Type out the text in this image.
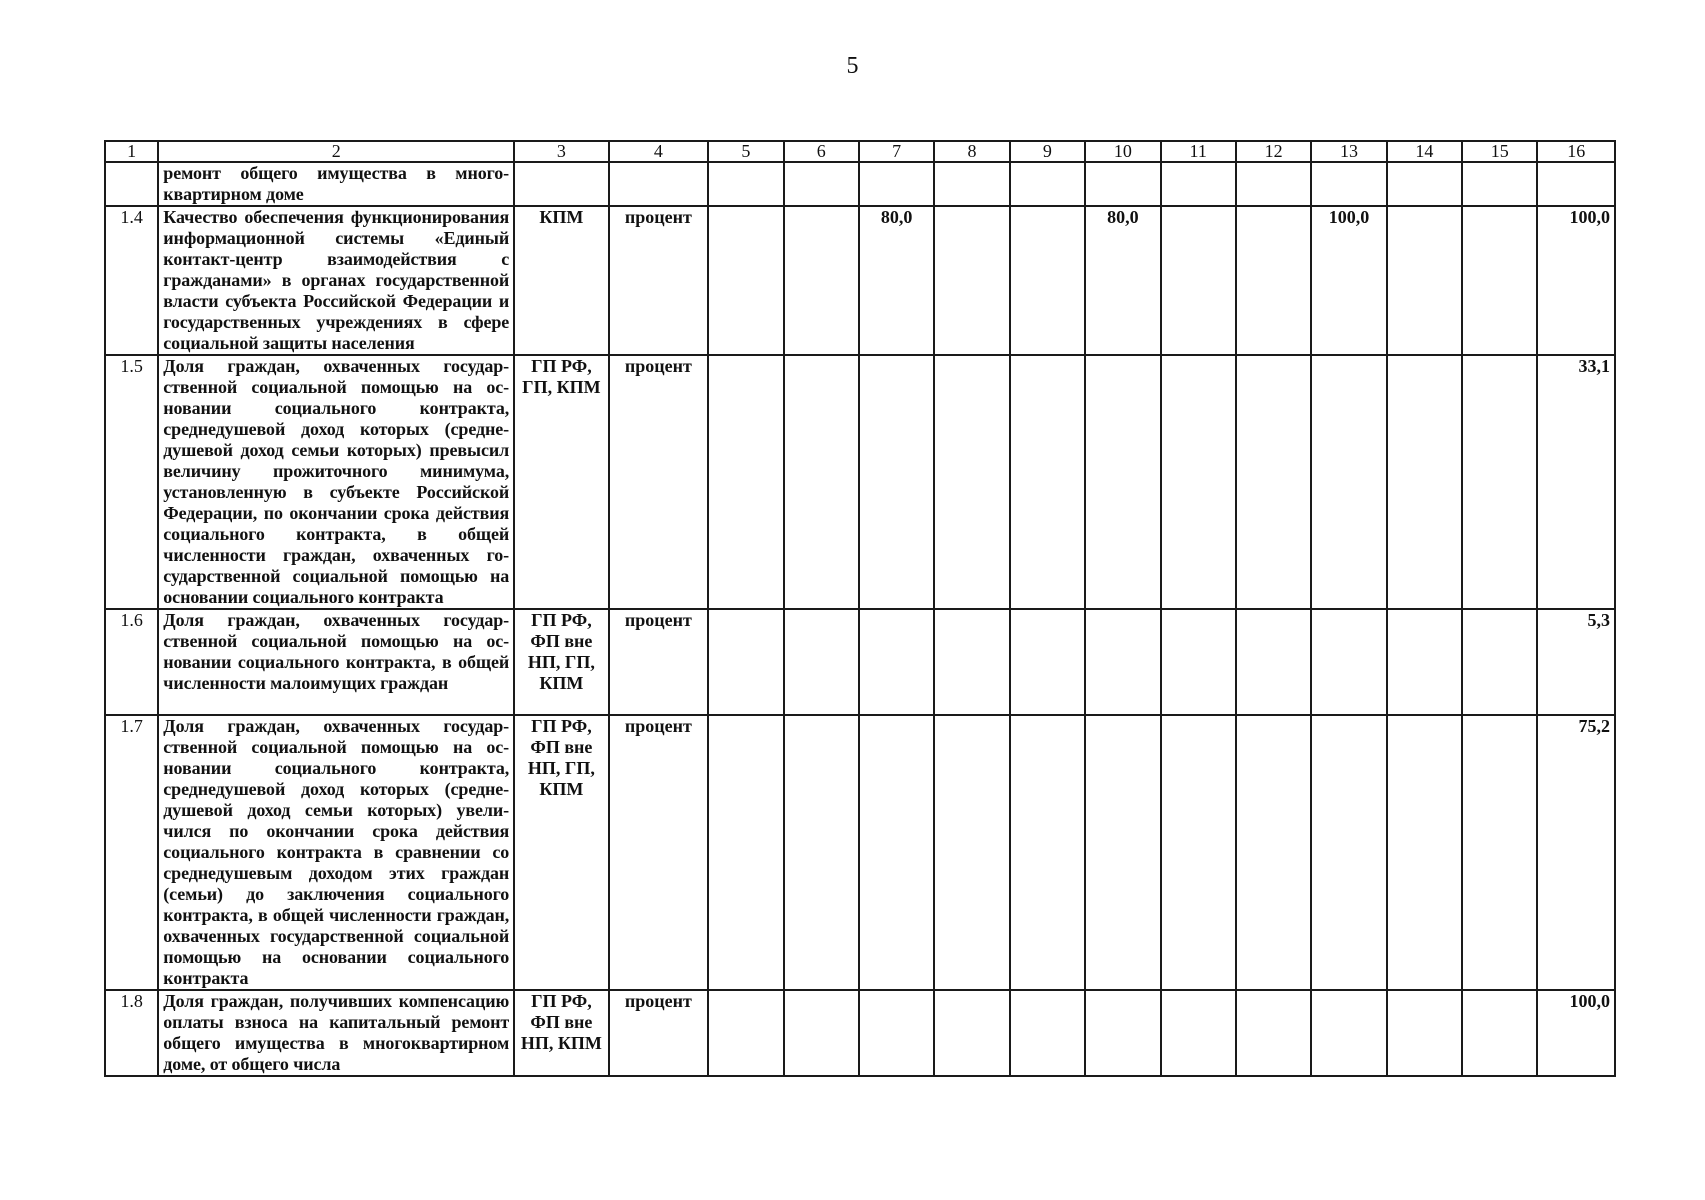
5
1	2	3	4	5	6	7	8	9	10	11	12	13	14	15	16
	ремонт общего имущества в многоквартирном доме														
1.4	Качество обеспечения функционирования информационной системы «Единый контакт-центр взаимодействия с гражданами» в органах государственной власти субъекта Российской Федерации и государственных учреждениях в сфере социальной защиты населения	КПМ	процент			80,0			80,0			100,0			100,0
1.5	Доля граждан, охваченных государственной социальной помощью на основании социального контракта, среднедушевой доход которых (среднедушевой доход семьи которых) превысил величину прожиточного минимума, установленную в субъекте Российской Федерации, по окончании срока действия социального контракта, в общей численности граждан, охваченных государственной социальной помощью на основании социального контракта	ГП РФ, ГП, КПМ	процент												33,1
1.6	Доля граждан, охваченных государственной социальной помощью на основании социального контракта, в общей численности малоимущих граждан	ГП РФ, ФП вне НП, ГП, КПМ	процент												5,3
1.7	Доля граждан, охваченных государственной социальной помощью на основании социального контракта, среднедушевой доход которых (среднедушевой доход семьи которых) увеличился по окончании срока действия социального контракта в сравнении со среднедушевым доходом этих граждан (семьи) до заключения социального контракта, в общей численности граждан, охваченных государственной социальной помощью на основании социального контракта	ГП РФ, ФП вне НП, ГП, КПМ	процент												75,2
1.8	Доля граждан, получивших компенсацию оплаты взноса на капитальный ремонт общего имущества в многоквартирном доме, от общего числа	ГП РФ, ФП вне НП, КПМ	процент												100,0
